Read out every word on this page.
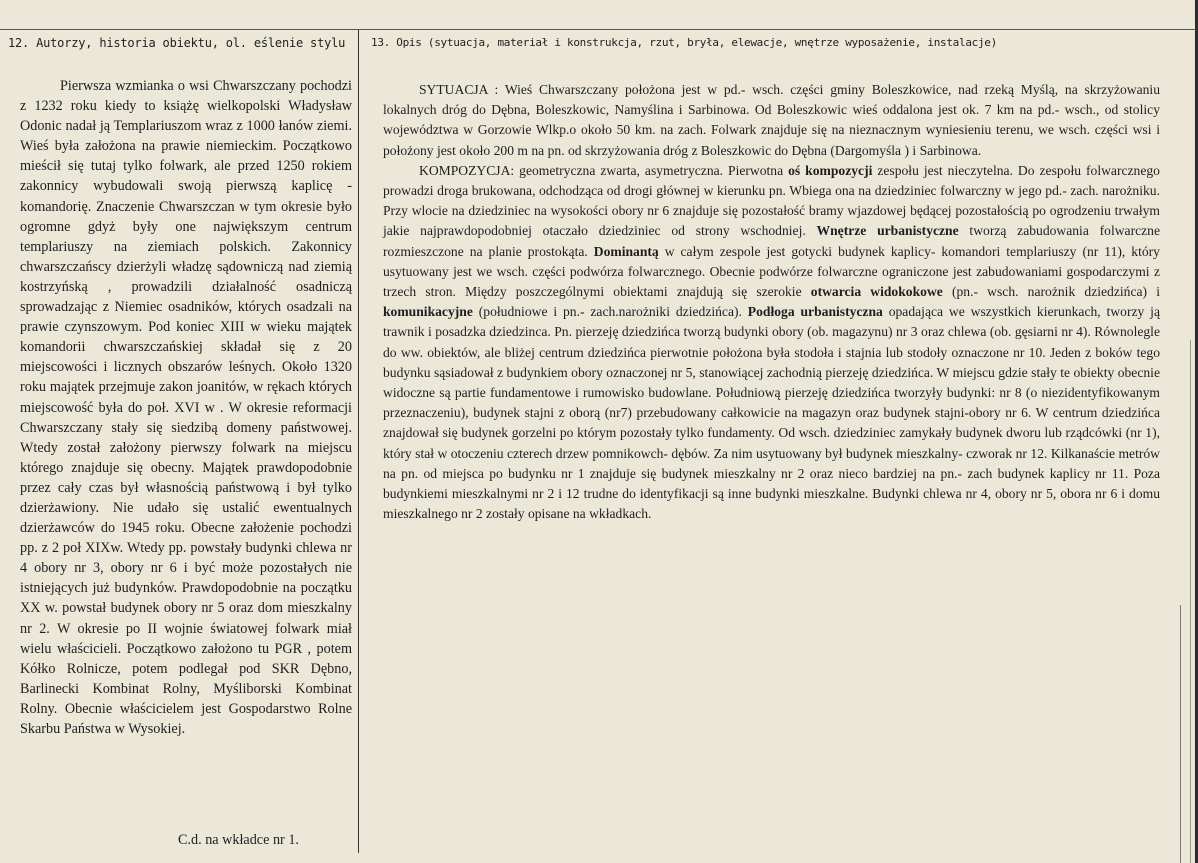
12. Autorzy, historia obiektu, ol. eślenie stylu	13. Opis (sytuacja, materiał i konstrukcja, rzut, bryła, elewacje, wnętrze wyposażenie, instalacje)

Pierwsza wzmianka o wsi Chwarszczany pochodzi z 1232 roku kiedy to książę wielkopolski Władysław Odonic nadał ją Templariuszom wraz z 1000 łanów ziemi. Wieś była założona na prawie niemieckim. Początkowo mieścił się tutaj tylko folwark, ale przed 1250 rokiem zakonnicy wybudowali swoją pierwszą kaplicę -komandorię. Znaczenie Chwarszczan w tym okresie było ogromne gdyż były one największym centrum templariuszy na ziemiach polskich. Zakonnicy chwarszczańscy dzierżyli władzę sądowniczą nad ziemią kostrzyńską , prowadzili działalność osadniczą sprowadzając z Niemiec osadników, których osadzali na prawie czynszowym. Pod koniec XIII w wieku majątek komandorii chwarszczańskiej składał się z 20 miejscowości i licznych obszarów leśnych. Około 1320 roku majątek przejmuje zakon joanitów, w rękach których miejscowość była do poł. XVI w . W okresie reformacji Chwarszczany stały się siedzibą domeny państwowej. Wtedy został założony pierwszy folwark na miejscu którego znajduje się obecny. Majątek prawdopodobnie przez cały czas był własnością państwową i był tylko dzierżawiony. Nie udało się ustalić ewentualnych dzierżawców do 1945 roku. Obecne założenie pochodzi pp. z 2 poł XIXw. Wtedy pp. powstały budynki chlewa nr 4 obory nr 3, obory nr 6 i być może pozostałych nie istniejących już budynków. Prawdopodobnie na początku XX w. powstał budynek obory nr 5 oraz dom mieszkalny nr 2. W okresie po II wojnie światowej folwark miał wielu właścicieli. Początkowo założono tu PGR , potem Kółko Rolnicze, potem podlegał pod SKR Dębno, Barlinecki Kombinat Rolny, Myśliborski Kombinat Rolny. Obecnie właścicielem jest Gospodarstwo Rolne Skarbu Państwa w Wysokiej.

C.d. na wkładce nr 1.

SYTUACJA : Wieś Chwarszczany położona jest w pd.- wsch. części gminy Boleszkowice, nad rzeką Myślą, na skrzyżowaniu lokalnych dróg do Dębna, Boleszkowic, Namyślina i Sarbinowa. Od Boleszkowic wieś oddalona jest ok. 7 km na pd.- wsch., od stolicy województwa w Gorzowie Wlkp.o około 50 km. na zach. Folwark znajduje się na nieznacznym wyniesieniu terenu, we wsch. części wsi i położony jest około 200 m na pn. od skrzyżowania dróg z Boleszkowic do Dębna (Dargomyśla ) i Sarbinowa.

KOMPOZYCJA: geometryczna zwarta, asymetryczna. Pierwotna oś kompozycji zespołu jest nieczytelna. Do zespołu folwarcznego prowadzi droga brukowana, odchodząca od drogi głównej w kierunku pn. Wbiega ona na dziedziniec folwarczny w jego pd.- zach. narożniku. Przy wlocie na dziedziniec na wysokości obory nr 6 znajduje się pozostałość bramy wjazdowej będącej pozostałością po ogrodzeniu trwałym jakie najprawdopodobniej otaczało dziedziniec od strony wschodniej. Wnętrze urbanistyczne tworzą zabudowania folwarczne rozmieszczone na planie prostokąta. Dominantą w całym zespole jest gotycki budynek kaplicy- komandori templariuszy (nr 11), który usytuowany jest we wsch. części podwórza folwarcznego. Obecnie podwórze folwarczne ograniczone jest zabudowaniami gospodarczymi z trzech stron. Między poszczególnymi obiektami znajdują się szerokie otwarcia widokokowe (pn.- wsch. narożnik dziedzińca) i komunikacyjne (południowe i pn.- zach.narożniki dziedzińca). Podłoga urbanistyczna opadająca we wszystkich kierunkach, tworzy ją trawnik i posadzka dziedzinca. Pn. pierzeję dziedzińca tworzą budynki obory (ob. magazynu) nr 3 oraz chlewa (ob. gęsiarni nr 4). Równolegle do ww. obiektów, ale bliżej centrum dziedzińca pierwotnie położona była stodoła i stajnia lub stodoły oznaczone nr 10. Jeden z boków tego budynku sąsiadował z budynkiem obory oznaczonej nr 5, stanowiącej zachodnią pierzeję dziedzińca. W miejscu gdzie stały te obiekty obecnie widoczne są partie fundamentowe i rumowisko budowlane. Południową pierzeję dziedzińca tworzyły budynki: nr 8 (o niezidentyfikowanym przeznaczeniu), budynek stajni z oborą (nr7) przebudowany całkowicie na magazyn oraz budynek stajni-obory nr 6. W centrum dziedzińca znajdował się budynek gorzelni po którym pozostały tylko fundamenty. Od wsch. dziedziniec zamykały budynek dworu lub rządcówki (nr 1), który stał w otoczeniu czterech drzew pomnikowch- dębów. Za nim usytuowany był budynek mieszkalny- czworak nr 12. Kilkanaście metrów na pn. od miejsca po budynku nr 1 znajduje się budynek mieszkalny nr 2 oraz nieco bardziej na pn.- zach budynek kaplicy nr 11. Poza budynkiemi mieszkalnymi nr 2 i 12 trudne do identyfikacji są inne budynki mieszkalne. Budynki chlewa nr 4, obory nr 5, obora nr 6 i domu mieszkalnego nr 2 zostały opisane na wkładkach.
